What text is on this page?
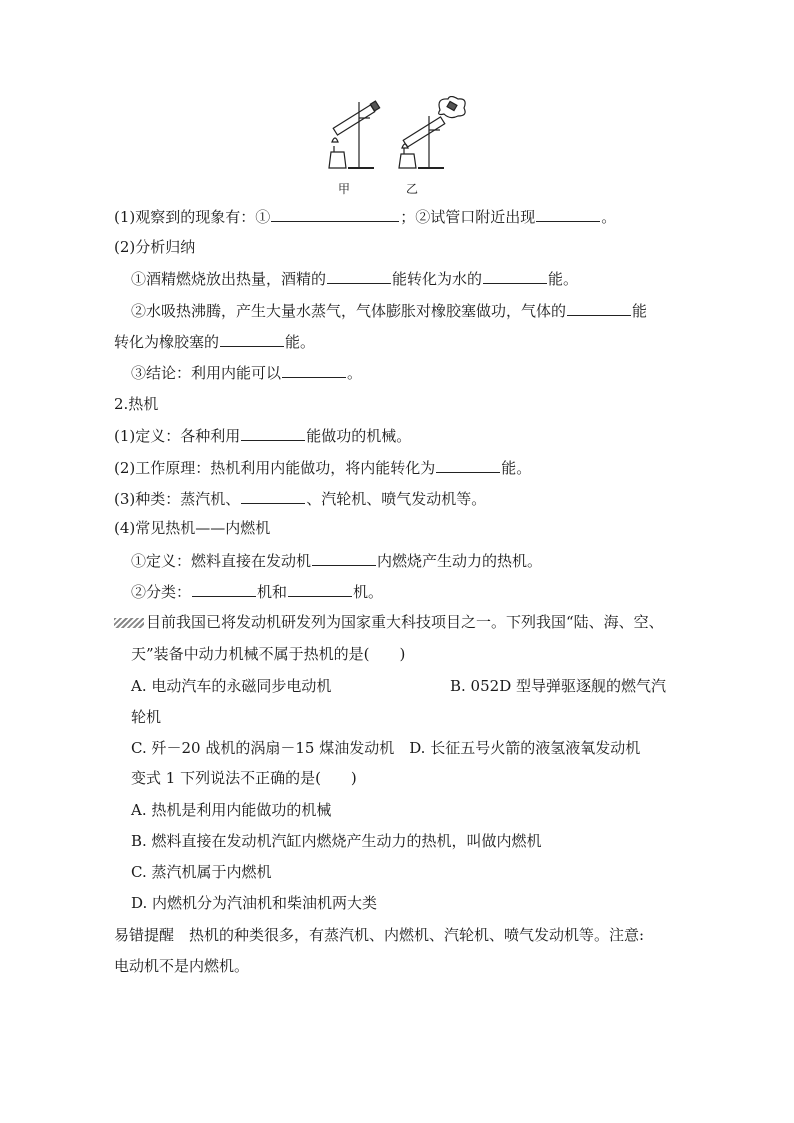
甲	乙
(1)观察到的现象有：①	；②试管口附近出现	。
(2)分析归纳
①酒精燃烧放出热量，酒精的	能转化为水的	能。
②水吸热沸腾，产生大量水蒸气，气体膨胀对橡胶塞做功，气体的	能
转化为橡胶塞的	能。
③结论：利用内能可以	。
2.热机
(1)定义：各种利用	能做功的机械。
(2)工作原理：热机利用内能做功，将内能转化为	能。
(3)种类：蒸汽机、	、汽轮机、喷气发动机等。
(4)常见热机——内燃机
①定义：燃料直接在发动机	内燃烧产生动力的热机。
②分类：	机和	机。
目前我国已将发动机研发列为国家重大科技项目之一。下列我国“陆、海、空、
天”装备中动力机械不属于热机的是(　　)
A. 电动汽车的永磁同步电动机	B. 052D 型导弹驱逐舰的燃气汽
轮机
C. 歼－20 战机的涡扇－15 煤油发动机　D. 长征五号火箭的液氢液氧发动机
变式 1 下列说法不正确的是(　　)
A. 热机是利用内能做功的机械
B. 燃料直接在发动机汽缸内燃烧产生动力的热机，叫做内燃机
C. 蒸汽机属于内燃机
D. 内燃机分为汽油机和柴油机两大类
易错提醒　热机的种类很多，有蒸汽机、内燃机、汽轮机、喷气发动机等。注意:
电动机不是内燃机。
